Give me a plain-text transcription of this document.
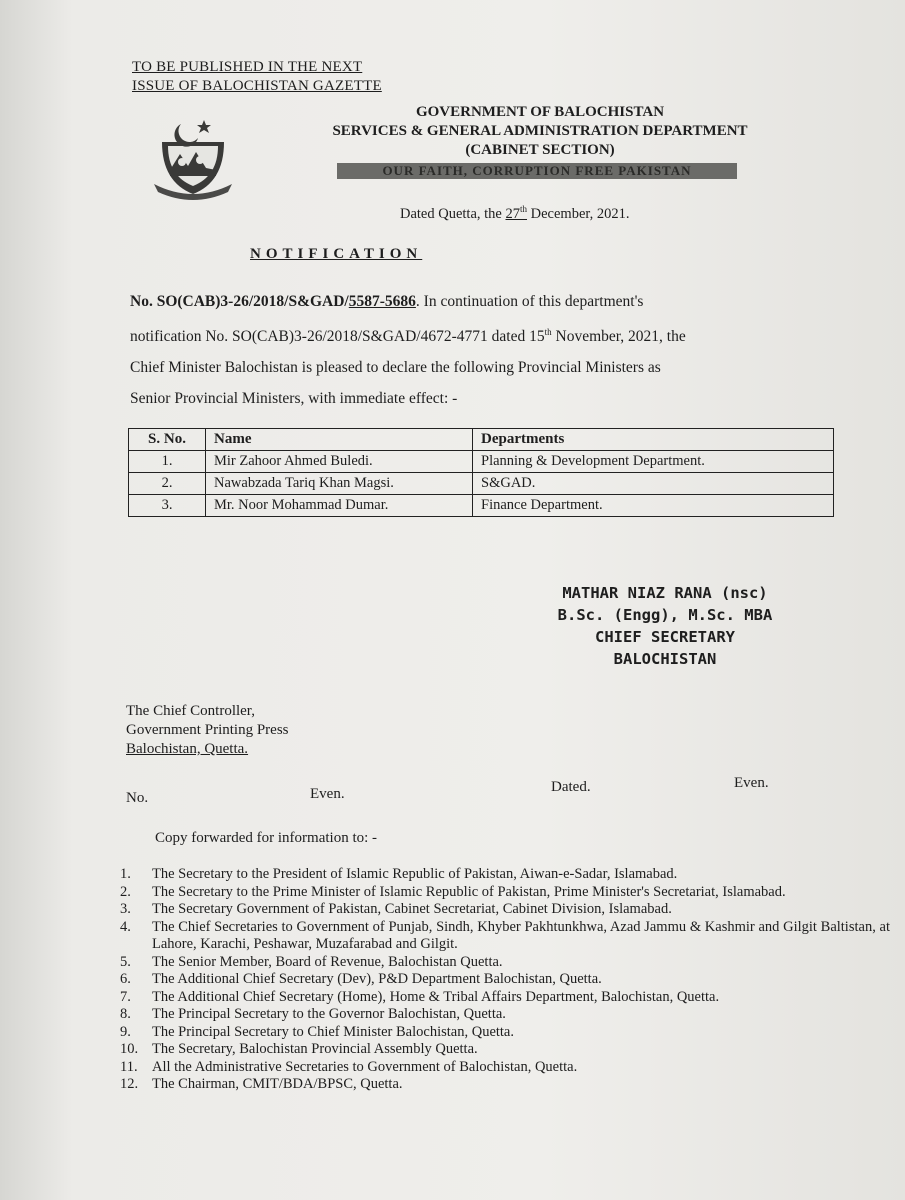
TO BE PUBLISHED IN THE NEXT
ISSUE OF BALOCHISTAN GAZETTE
GOVERNMENT OF BALOCHISTAN
SERVICES & GENERAL ADMINISTRATION DEPARTMENT
(CABINET SECTION)
OUR FAITH, CORRUPTION FREE PAKISTAN
Dated Quetta, the 27th December, 2021.
NOTIFICATION

No. SO(CAB)3-26/2018/S&GAD/5587-5686. In continuation of this department's

notification No. SO(CAB)3-26/2018/S&GAD/4672-4771 dated 15th November, 2021, the

Chief Minister Balochistan is pleased to declare the following Provincial Ministers as

Senior Provincial Ministers, with immediate effect: -

S. No.	Name	Departments
1.	Mir Zahoor Ahmed Buledi.	Planning & Development Department.
2.	Nawabzada Tariq Khan Magsi.	S&GAD.
3.	Mr. Noor Mohammad Dumar.	Finance Department.
MATHAR NIAZ RANA (nsc)
B.Sc. (Engg), M.Sc. MBA
CHIEF SECRETARY
BALOCHISTAN
The Chief Controller,
Government Printing Press
Balochistan, Quetta.
No.	Even.	Dated.	Even.
Copy forwarded for information to: -
1.	The Secretary to the President of Islamic Republic of Pakistan, Aiwan-e-Sadar, Islamabad.
2.	The Secretary to the Prime Minister of Islamic Republic of Pakistan, Prime Minister's Secretariat, Islamabad.
3.	The Secretary Government of Pakistan, Cabinet Secretariat, Cabinet Division, Islamabad.
4.	The Chief Secretaries to Government of Punjab, Sindh, Khyber Pakhtunkhwa, Azad Jammu & Kashmir and Gilgit Baltistan, at Lahore, Karachi, Peshawar, Muzafarabad and Gilgit.
5.	The Senior Member, Board of Revenue, Balochistan Quetta.
6.	The Additional Chief Secretary (Dev), P&D Department Balochistan, Quetta.
7.	The Additional Chief Secretary (Home), Home & Tribal Affairs Department, Balochistan, Quetta.
8.	The Principal Secretary to the Governor Balochistan, Quetta.
9.	The Principal Secretary to Chief Minister Balochistan, Quetta.
10. The Secretary, Balochistan Provincial Assembly Quetta.
11. All the Administrative Secretaries to Government of Balochistan, Quetta.
12. The Chairman, CMIT/BDA/BPSC, Quetta.
